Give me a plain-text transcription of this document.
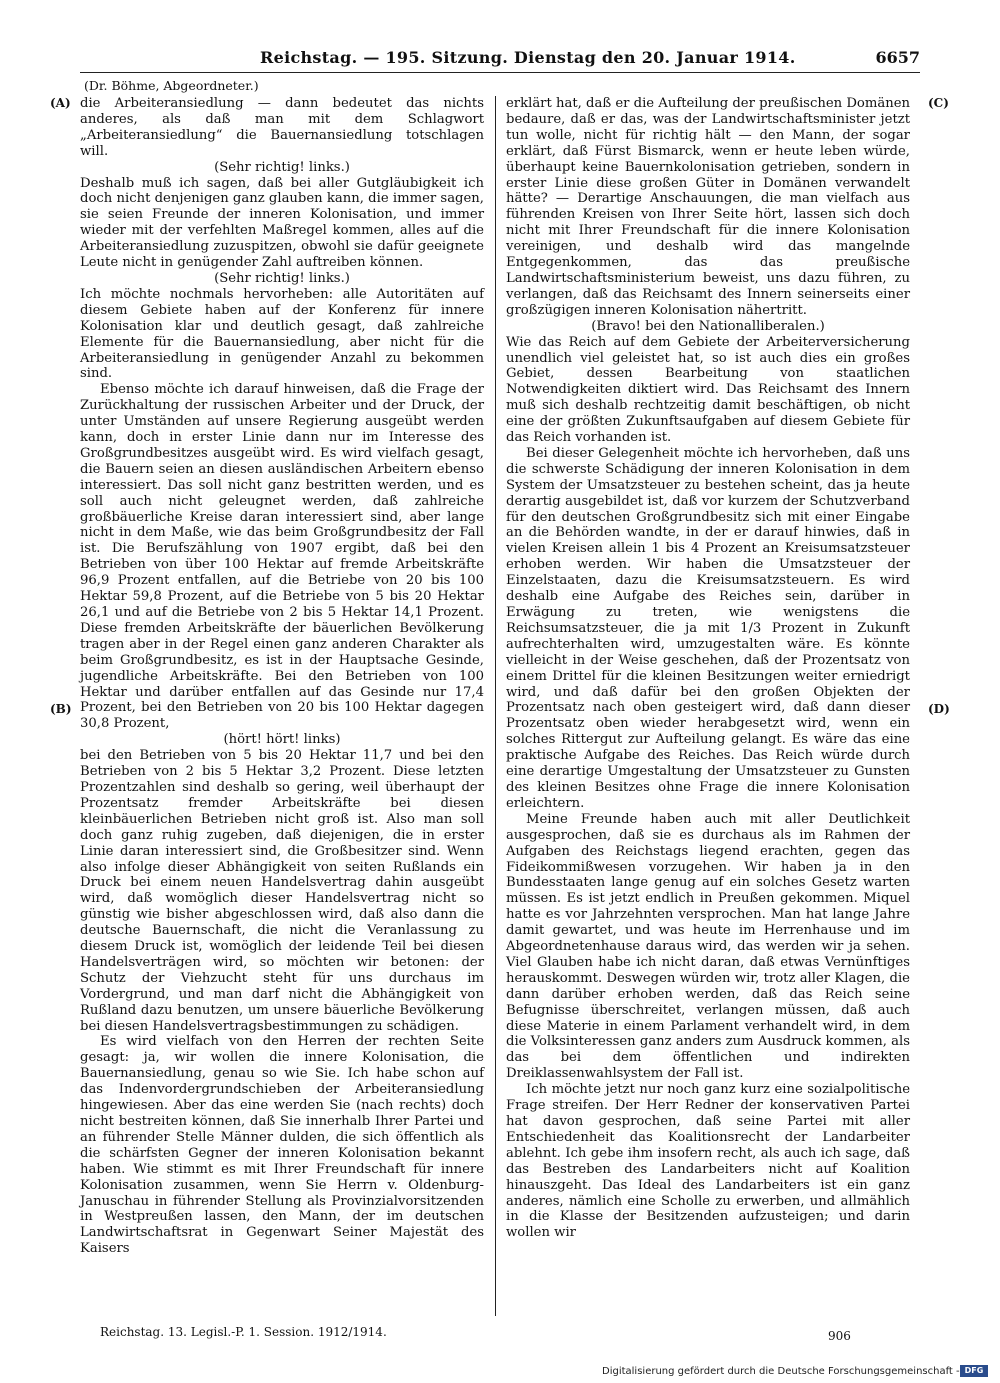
Reichstag. — 195. Sitzung. Dienstag den 20. Januar 1914.	6657
(Dr. Böhme, Abgeordneter.)
(A)	(C)
(B)	(D)

die Arbeiteransiedlung — dann bedeutet das nichts anderes, als daß man mit dem Schlagwort „Arbeiteransiedlung“ die Bauernansiedlung totschlagen will.

(Sehr richtig! links.)

Deshalb muß ich sagen, daß bei aller Gutgläubigkeit ich doch nicht denjenigen ganz glauben kann, die immer sagen, sie seien Freunde der inneren Kolonisation, und immer wieder mit der verfehlten Maßregel kommen, alles auf die Arbeiteransiedlung zuzuspitzen, obwohl sie dafür geeignete Leute nicht in genügender Zahl auftreiben können.

(Sehr richtig! links.)

Ich möchte nochmals hervorheben: alle Autoritäten auf diesem Gebiete haben auf der Konferenz für innere Kolonisation klar und deutlich gesagt, daß zahlreiche Elemente für die Bauernansiedlung, aber nicht für die Arbeiteransiedlung in genügender Anzahl zu bekommen sind.

Ebenso möchte ich darauf hinweisen, daß die Frage der Zurückhaltung der russischen Arbeiter und der Druck, der unter Umständen auf unsere Regierung ausgeübt werden kann, doch in erster Linie dann nur im Interesse des Großgrundbesitzes ausgeübt wird. Es wird vielfach gesagt, die Bauern seien an diesen ausländischen Arbeitern ebenso interessiert. Das soll nicht ganz bestritten werden, und es soll auch nicht geleugnet werden, daß zahlreiche großbäuerliche Kreise daran interessiert sind, aber lange nicht in dem Maße, wie das beim Großgrundbesitz der Fall ist. Die Berufszählung von 1907 ergibt, daß bei den Betrieben von über 100 Hektar auf fremde Arbeitskräfte 96,9 Prozent entfallen, auf die Betriebe von 20 bis 100 Hektar 59,8 Prozent, auf die Betriebe von 5 bis 20 Hektar 26,1 und auf die Betriebe von 2 bis 5 Hektar 14,1 Prozent. Diese fremden Arbeitskräfte der bäuerlichen Bevölkerung tragen aber in der Regel einen ganz anderen Charakter als beim Großgrundbesitz, es ist in der Hauptsache Gesinde, jugendliche Arbeitskräfte. Bei den Betrieben von 100 Hektar und darüber entfallen auf das Gesinde nur 17,4 Prozent, bei den Betrieben von 20 bis 100 Hektar dagegen 30,8 Prozent,

(hört! hört! links)

bei den Betrieben von 5 bis 20 Hektar 11,7 und bei den Betrieben von 2 bis 5 Hektar 3,2 Prozent. Diese letzten Prozentzahlen sind deshalb so gering, weil überhaupt der Prozentsatz fremder Arbeitskräfte bei diesen kleinbäuerlichen Betrieben nicht groß ist. Also man soll doch ganz ruhig zugeben, daß diejenigen, die in erster Linie daran interessiert sind, die Großbesitzer sind. Wenn also infolge dieser Abhängigkeit von seiten Rußlands ein Druck bei einem neuen Handelsvertrag dahin ausgeübt wird, daß womöglich dieser Handelsvertrag nicht so günstig wie bisher abgeschlossen wird, daß also dann die deutsche Bauernschaft, die nicht die Veranlassung zu diesem Druck ist, womöglich der leidende Teil bei diesen Handelsverträgen wird, so möchten wir betonen: der Schutz der Viehzucht steht für uns durchaus im Vordergrund, und man darf nicht die Abhängigkeit von Rußland dazu benutzen, um unsere bäuerliche Bevölkerung bei diesen Handelsvertragsbestimmungen zu schädigen.

Es wird vielfach von den Herren der rechten Seite gesagt: ja, wir wollen die innere Kolonisation, die Bauernansiedlung, genau so wie Sie. Ich habe schon auf das Indenvordergrundschieben der Arbeiteransiedlung hingewiesen. Aber das eine werden Sie (nach rechts) doch nicht bestreiten können, daß Sie innerhalb Ihrer Partei und an führender Stelle Männer dulden, die sich öffentlich als die schärfsten Gegner der inneren Kolonisation bekannt haben. Wie stimmt es mit Ihrer Freundschaft für innere Kolonisation zusammen, wenn Sie Herrn v. Oldenburg-Januschau in führender Stellung als Provinzialvorsitzenden in Westpreußen lassen, den Mann, der im deutschen Landwirtschaftsrat in Gegenwart Seiner Majestät des Kaisers

erklärt hat, daß er die Aufteilung der preußischen Domänen bedaure, daß er das, was der Landwirtschaftsminister jetzt tun wolle, nicht für richtig hält — den Mann, der sogar erklärt, daß Fürst Bismarck, wenn er heute leben würde, überhaupt keine Bauernkolonisation getrieben, sondern in erster Linie diese großen Güter in Domänen verwandelt hätte? — Derartige Anschauungen, die man vielfach aus führenden Kreisen von Ihrer Seite hört, lassen sich doch nicht mit Ihrer Freundschaft für die innere Kolonisation vereinigen, und deshalb wird das mangelnde Entgegenkommen, das das preußische Landwirtschaftsministerium beweist, uns dazu führen, zu verlangen, daß das Reichsamt des Innern seinerseits einer großzügigen inneren Kolonisation nähertritt.

(Bravo! bei den Nationalliberalen.)

Wie das Reich auf dem Gebiete der Arbeiterversicherung unendlich viel geleistet hat, so ist auch dies ein großes Gebiet, dessen Bearbeitung von staatlichen Notwendigkeiten diktiert wird. Das Reichsamt des Innern muß sich deshalb rechtzeitig damit beschäftigen, ob nicht eine der größten Zukunftsaufgaben auf diesem Gebiete für das Reich vorhanden ist.

Bei dieser Gelegenheit möchte ich hervorheben, daß uns die schwerste Schädigung der inneren Kolonisation in dem System der Umsatzsteuer zu bestehen scheint, das ja heute derartig ausgebildet ist, daß vor kurzem der Schutzverband für den deutschen Großgrundbesitz sich mit einer Eingabe an die Behörden wandte, in der er darauf hinwies, daß in vielen Kreisen allein 1 bis 4 Prozent an Kreisumsatzsteuer erhoben werden. Wir haben die Umsatzsteuer der Einzelstaaten, dazu die Kreisumsatzsteuern. Es wird deshalb eine Aufgabe des Reiches sein, darüber in Erwägung zu treten, wie wenigstens die Reichsumsatzsteuer, die ja mit 1/3 Prozent in Zukunft aufrechterhalten wird, umzugestalten wäre. Es könnte vielleicht in der Weise geschehen, daß der Prozentsatz von einem Drittel für die kleinen Besitzungen weiter erniedrigt wird, und daß dafür bei den großen Objekten der Prozentsatz nach oben gesteigert wird, daß dann dieser Prozentsatz oben wieder herabgesetzt wird, wenn ein solches Rittergut zur Aufteilung gelangt. Es wäre das eine praktische Aufgabe des Reiches. Das Reich würde durch eine derartige Umgestaltung der Umsatzsteuer zu Gunsten des kleinen Besitzes ohne Frage die innere Kolonisation erleichtern.

Meine Freunde haben auch mit aller Deutlichkeit ausgesprochen, daß sie es durchaus als im Rahmen der Aufgaben des Reichstags liegend erachten, gegen das Fideikommißwesen vorzugehen. Wir haben ja in den Bundesstaaten lange genug auf ein solches Gesetz warten müssen. Es ist jetzt endlich in Preußen gekommen. Miquel hatte es vor Jahrzehnten versprochen. Man hat lange Jahre damit gewartet, und was heute im Herrenhause und im Abgeordnetenhause daraus wird, das werden wir ja sehen. Viel Glauben habe ich nicht daran, daß etwas Vernünftiges herauskommt. Deswegen würden wir, trotz aller Klagen, die dann darüber erhoben werden, daß das Reich seine Befugnisse überschreitet, verlangen müssen, daß auch diese Materie in einem Parlament verhandelt wird, in dem die Volksinteressen ganz anders zum Ausdruck kommen, als das bei dem öffentlichen und indirekten Dreiklassenwahlsystem der Fall ist.

Ich möchte jetzt nur noch ganz kurz eine sozialpolitische Frage streifen. Der Herr Redner der konservativen Partei hat davon gesprochen, daß seine Partei mit aller Entschiedenheit das Koalitionsrecht der Landarbeiter ablehnt. Ich gebe ihm insofern recht, als auch ich sage, daß das Bestreben des Landarbeiters nicht auf Koalition hinauszgeht. Das Ideal des Landarbeiters ist ein ganz anderes, nämlich eine Scholle zu erwerben, und allmählich in die Klasse der Besitzenden aufzusteigen; und darin wollen wir

Reichstag. 13. Legisl.-P. 1. Session. 1912/1914.	906
Digitalisierung gefördert durch die Deutsche Forschungsgemeinschaft - DFG
